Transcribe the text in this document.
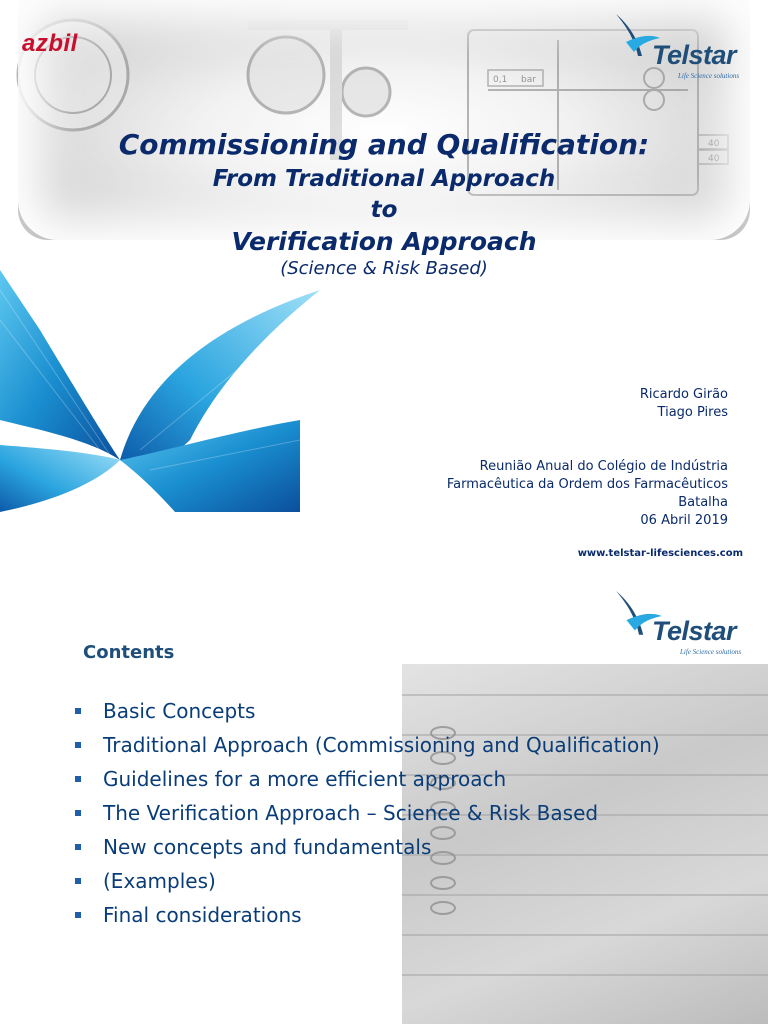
0,1 bar
40
40
azbil	Telstar
Life Science solutions
Commissioning and Qualification:
From Traditional Approach
to
Verification Approach
(Science & Risk Based)
Ricardo Girão
Tiago Pires
Reunião Anual do Colégio de Indústria
Farmacêutica da Ordem dos Farmacêuticos
Batalha
06 Abril 2019
www.telstar-lifesciences.com
Telstar
Life Science solutions
Contents
Basic Concepts
Traditional Approach (Commissioning and Qualification)
Guidelines for a more efficient approach
The Verification Approach – Science & Risk Based
New concepts and fundamentals
(Examples)
Final considerations
